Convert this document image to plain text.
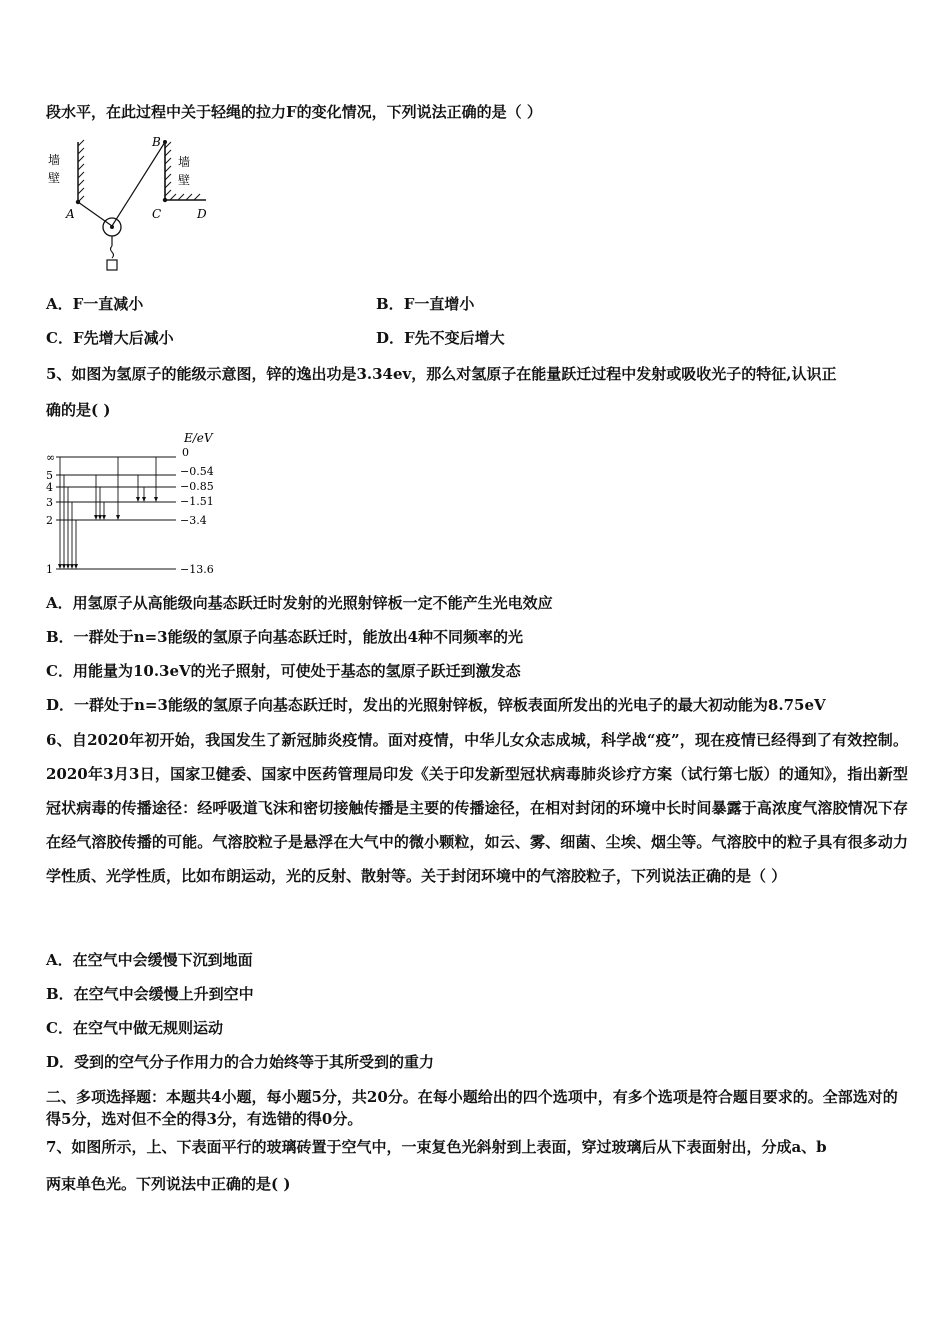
段水平，在此过程中关于轻绳的拉力F的变化情况，下列说法正确的是（ ）
墙壁
墙壁
A
B
C	D
A．F一直减小	B．F一直增小
C．F先增大后减小	D．F先不变后增大
5、如图为氢原子的能级示意图，锌的逸出功是3.34ev，那么对氢原子在能量跃迁过程中发射或吸收光子的特征,认识正
确的是( )
E/eV
∞
5
4
3
2
1
0
−0.54
−0.85
−1.51
−3.4
−13.6
A．用氢原子从高能级向基态跃迁时发射的光照射锌板一定不能产生光电效应
B．一群处于n=3能级的氢原子向基态跃迁时，能放出4种不同频率的光
C．用能量为10.3eV的光子照射，可使处于基态的氢原子跃迁到激发态
D．一群处于n=3能级的氢原子向基态跃迁时，发出的光照射锌板，锌板表面所发出的光电子的最大初动能为8.75eV
6、自2020年初开始，我国发生了新冠肺炎疫情。面对疫情，中华儿女众志成城，科学战“疫”，现在疫情已经得到了有效控制。2020年3月3日，国家卫健委、国家中医药管理局印发《关于印发新型冠状病毒肺炎诊疗方案（试行第七版）的通知》，指出新型冠状病毒的传播途径：经呼吸道飞沫和密切接触传播是主要的传播途径，在相对封闭的环境中长时间暴露于高浓度气溶胶情况下存在经气溶胶传播的可能。气溶胶粒子是悬浮在大气中的微小颗粒，如云、雾、细菌、尘埃、烟尘等。气溶胶中的粒子具有很多动力学性质、光学性质，比如布朗运动，光的反射、散射等。关于封闭环境中的气溶胶粒子，下列说法正确的是（ ）
A．在空气中会缓慢下沉到地面
B．在空气中会缓慢上升到空中
C．在空气中做无规则运动
D．受到的空气分子作用力的合力始终等于其所受到的重力
二、多项选择题：本题共4小题，每小题5分，共20分。在每小题给出的四个选项中，有多个选项是符合题目要求的。全部选对的得5分，选对但不全的得3分，有选错的得0分。
7、如图所示，上、下表面平行的玻璃砖置于空气中，一束复色光斜射到上表面，穿过玻璃后从下表面射出，分成a、b
两束单色光。下列说法中正确的是( )
